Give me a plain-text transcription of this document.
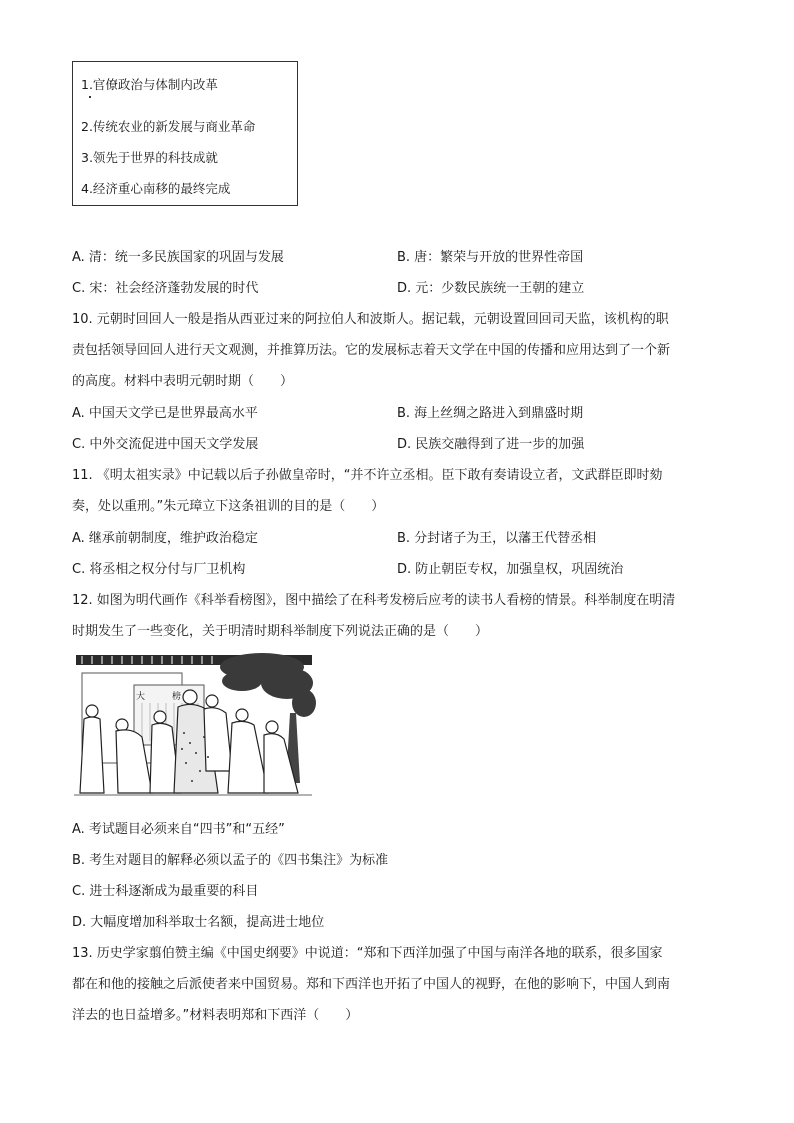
1.官僚政治与体制内改革
2.传统农业的新发展与商业革命
3.领先于世界的科技成就
4.经济重心南移的最终完成
A. 清：统一多民族国家的巩固与发展	B. 唐：繁荣与开放的世界性帝国
C. 宋：社会经济蓬勃发展的时代	D. 元：少数民族统一王朝的建立
10. 元朝时回回人一般是指从西亚过来的阿拉伯人和波斯人。据记载，元朝设置回回司天监，该机构的职
责包括领导回回人进行天文观测，并推算历法。它的发展标志着天文学在中国的传播和应用达到了一个新
的高度。材料中表明元朝时期（　　）
A. 中国天文学已是世界最高水平	B. 海上丝绸之路进入到鼎盛时期
C. 中外交流促进中国天文学发展	D. 民族交融得到了进一步的加强
11. 《明太祖实录》中记载以后子孙做皇帝时，“并不许立丞相。臣下敢有奏请设立者，文武群臣即时劾
奏，处以重刑。”朱元璋立下这条祖训的目的是（　　）
A. 继承前朝制度，维护政治稳定	B. 分封诸子为王，以藩王代替丞相
C. 将丞相之权分付与厂卫机构	D. 防止朝臣专权，加强皇权，巩固统治
12. 如图为明代画作《科举看榜图》，图中描绘了在科考发榜后应考的读书人看榜的情景。科举制度在明清
时期发生了一些变化，关于明清时期科举制度下列说法正确的是（　　）
大	榜
A. 考试题目必须来自“四书”和“五经”
B. 考生对题目的解释必须以孟子的《四书集注》为标准
C. 进士科逐渐成为最重要的科目
D. 大幅度增加科举取士名额，提高进士地位
13. 历史学家翦伯赞主编《中国史纲要》中说道：“郑和下西洋加强了中国与南洋各地的联系，很多国家
都在和他的接触之后派使者来中国贸易。郑和下西洋也开拓了中国人的视野，在他的影响下，中国人到南
洋去的也日益增多。”材料表明郑和下西洋（　　）
